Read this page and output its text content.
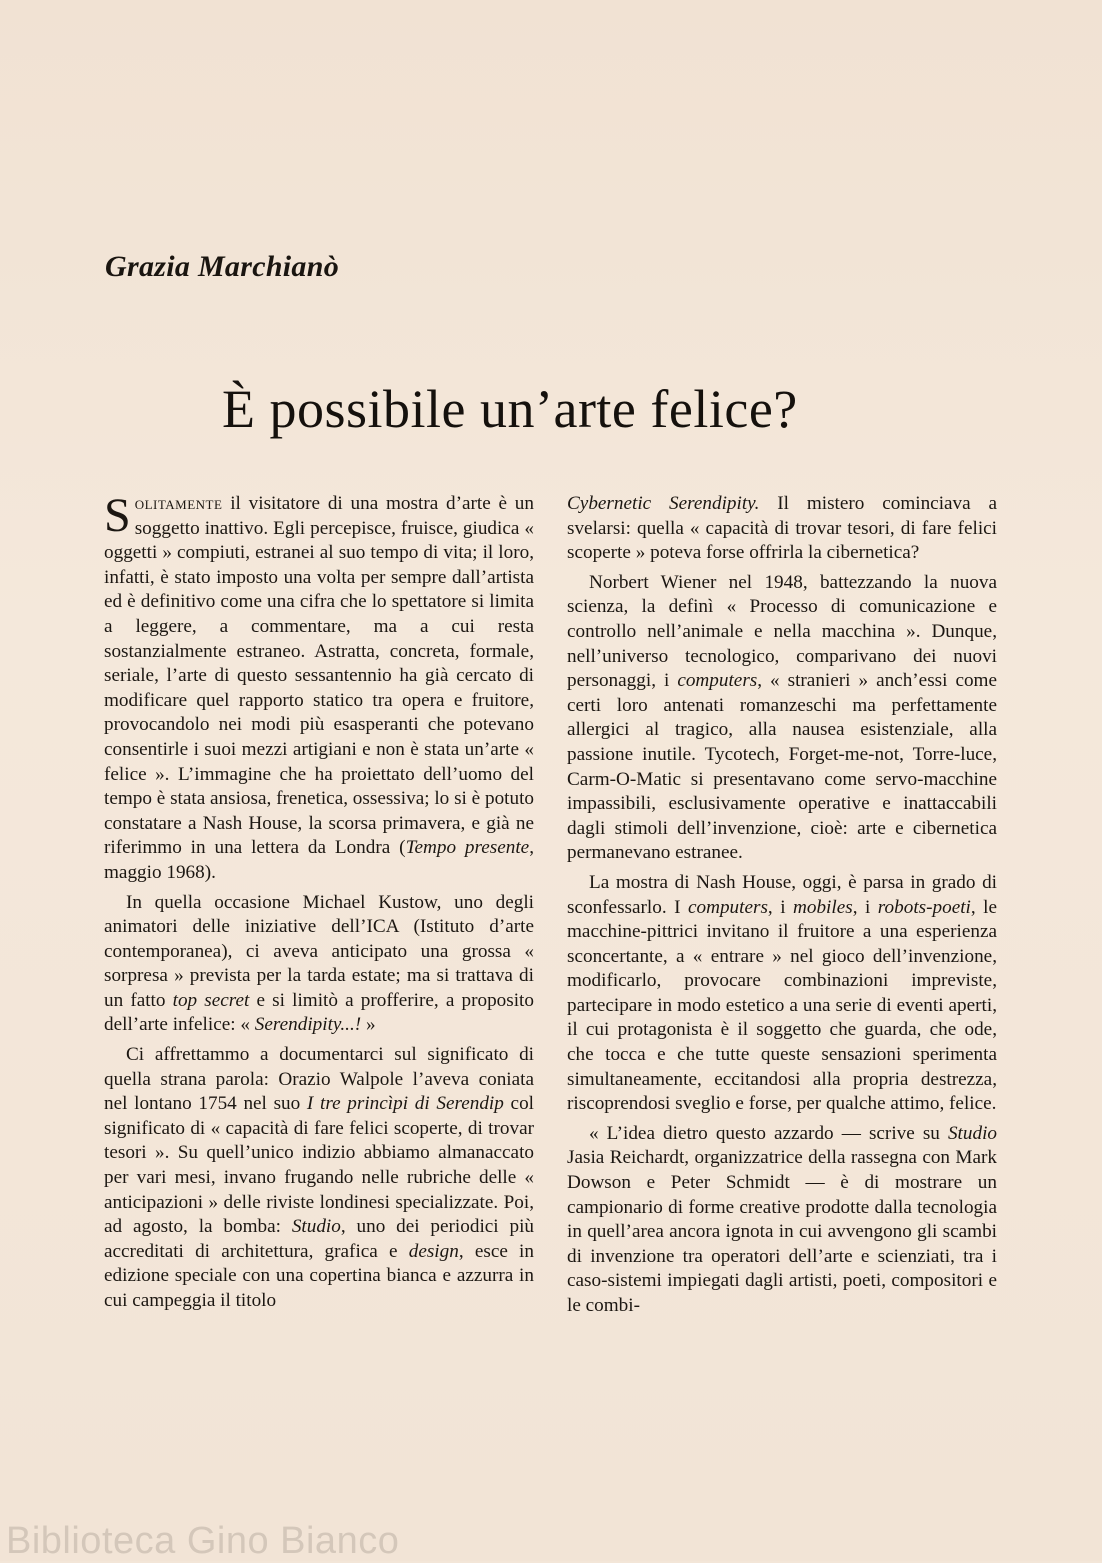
Grazia Marchianò
È possibile un’arte felice?

Solitamente il visitatore di una mostra d’arte è un soggetto inattivo. Egli percepisce, fruisce, giudica « oggetti » compiuti, estranei al suo tempo di vita; il loro, infatti, è stato imposto una volta per sempre dall’artista ed è definitivo come una cifra che lo spettatore si limita a leggere, a commentare, ma a cui resta sostanzialmente estraneo. Astratta, concreta, formale, seriale, l’arte di questo sessantennio ha già cercato di modificare quel rapporto statico tra opera e fruitore, provocandolo nei modi più esasperanti che potevano consentirle i suoi mezzi artigiani e non è stata un’arte « felice ». L’immagine che ha proiettato dell’uomo del tempo è stata ansiosa, frenetica, ossessiva; lo si è potuto constatare a Nash House, la scorsa primavera, e già ne riferimmo in una lettera da Londra (Tempo presente, maggio 1968).

In quella occasione Michael Kustow, uno degli animatori delle iniziative dell’ICA (Istituto d’arte contemporanea), ci aveva anticipato una grossa « sorpresa » prevista per la tarda estate; ma si trattava di un fatto top secret e si limitò a profferire, a proposito dell’arte infelice: « Serendipity...! »

Ci affrettammo a documentarci sul significato di quella strana parola: Orazio Walpole l’aveva coniata nel lontano 1754 nel suo I tre princìpi di Serendip col significato di « capacità di fare felici scoperte, di trovar tesori ». Su quell’unico indizio abbiamo almanaccato per vari mesi, invano frugando nelle rubriche delle « anticipazioni » delle riviste londinesi specializzate. Poi, ad agosto, la bomba: Studio, uno dei periodici più accreditati di architettura, grafica e design, esce in edizione speciale con una copertina bianca e azzurra in cui campeggia il titolo

Cybernetic Serendipity. Il mistero cominciava a svelarsi: quella « capacità di trovar tesori, di fare felici scoperte » poteva forse offrirla la cibernetica?

Norbert Wiener nel 1948, battezzando la nuova scienza, la definì « Processo di comunicazione e controllo nell’animale e nella macchina ». Dunque, nell’universo tecnologico, comparivano dei nuovi personaggi, i computers, « stranieri » anch’essi come certi loro antenati romanzeschi ma perfettamente allergici al tragico, alla nausea esistenziale, alla passione inutile. Tycotech, Forget-me-not, Torre-luce, Carm-O-Matic si presentavano come servo-macchine impassibili, esclusivamente operative e inattaccabili dagli stimoli dell’invenzione, cioè: arte e cibernetica permanevano estranee.

La mostra di Nash House, oggi, è parsa in grado di sconfessarlo. I computers, i mobiles, i robots-poeti, le macchine-pittrici invitano il fruitore a una esperienza sconcertante, a « entrare » nel gioco dell’invenzione, modificarlo, provocare combinazioni impreviste, partecipare in modo estetico a una serie di eventi aperti, il cui protagonista è il soggetto che guarda, che ode, che tocca e che tutte queste sensazioni sperimenta simultaneamente, eccitandosi alla propria destrezza, riscoprendosi sveglio e forse, per qualche attimo, felice.

« L’idea dietro questo azzardo — scrive su Studio Jasia Reichardt, organizzatrice della rassegna con Mark Dowson e Peter Schmidt — è di mostrare un campionario di forme creative prodotte dalla tecnologia in quell’area ancora ignota in cui avvengono gli scambi di invenzione tra operatori dell’arte e scienziati, tra i caso-sistemi impiegati dagli artisti, poeti, compositori e le combi-

Biblioteca Gino Bianco
